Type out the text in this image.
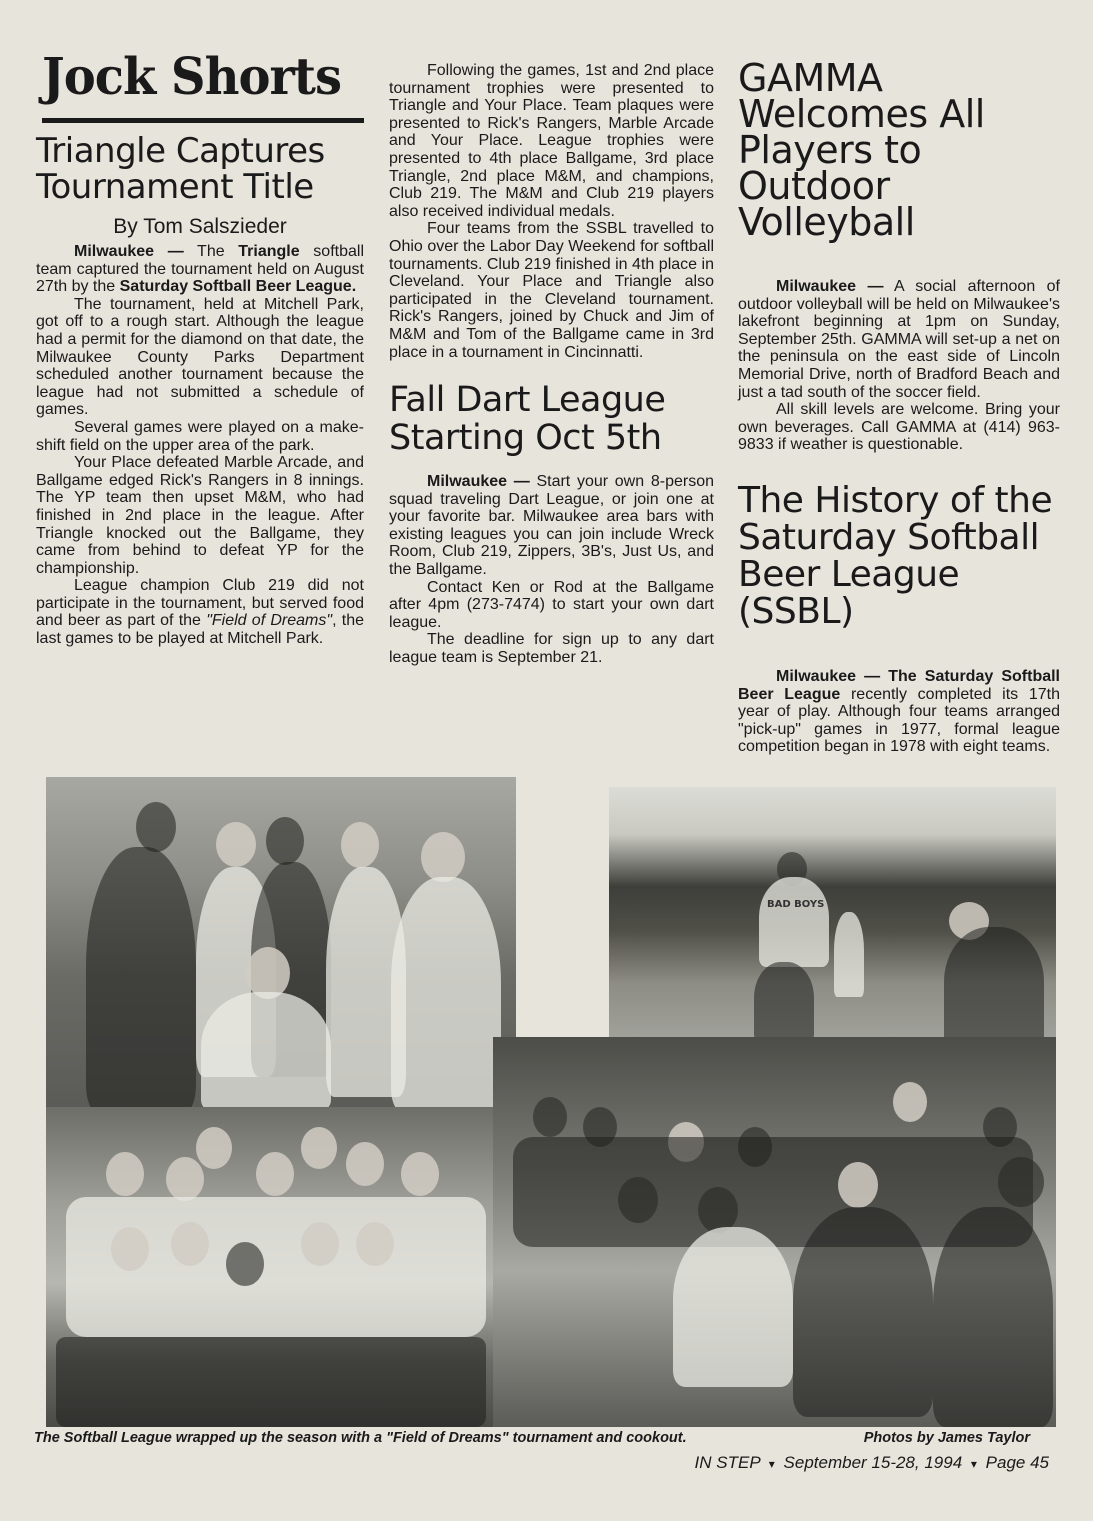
Jock Shorts
Triangle Captures Tournament Title
By Tom Salszieder

Milwaukee — The Triangle softball team captured the tournament held on August 27th by the Saturday Softball Beer League.

The tournament, held at Mitchell Park, got off to a rough start. Although the league had a permit for the diamond on that date, the Milwaukee County Parks Department scheduled another tournament because the league had not submitted a schedule of games.

Several games were played on a make-shift field on the upper area of the park.

Your Place defeated Marble Arcade, and Ballgame edged Rick's Rangers in 8 innings. The YP team then upset M&M, who had finished in 2nd place in the league. After Triangle knocked out the Ballgame, they came from behind to defeat YP for the championship.

League champion Club 219 did not participate in the tournament, but served food and beer as part of the "Field of Dreams", the last games to be played at Mitchell Park.

Following the games, 1st and 2nd place tournament trophies were presented to Triangle and Your Place. Team plaques were presented to Rick's Rangers, Marble Arcade and Your Place. League trophies were presented to 4th place Ballgame, 3rd place Triangle, 2nd place M&M, and champions, Club 219. The M&M and Club 219 players also received individual medals.

Four teams from the SSBL travelled to Ohio over the Labor Day Weekend for softball tournaments. Club 219 finished in 4th place in Cleveland. Your Place and Triangle also participated in the Cleveland tournament. Rick's Rangers, joined by Chuck and Jim of M&M and Tom of the Ballgame came in 3rd place in a tournament in Cincinnatti.

Fall Dart League Starting Oct 5th

Milwaukee — Start your own 8-person squad traveling Dart League, or join one at your favorite bar. Milwaukee area bars with existing leagues you can join include Wreck Room, Club 219, Zippers, 3B's, Just Us, and the Ballgame.

Contact Ken or Rod at the Ballgame after 4pm (273-7474) to start your own dart league.

The deadline for sign up to any dart league team is September 21.

GAMMA Welcomes All Players to Outdoor Volleyball

Milwaukee — A social afternoon of outdoor volleyball will be held on Milwaukee's lakefront beginning at 1pm on Sunday, September 25th. GAMMA will set-up a net on the peninsula on the east side of Lincoln Memorial Drive, north of Bradford Beach and just a tad south of the soccer field.

All skill levels are welcome. Bring your own beverages. Call GAMMA at (414) 963-9833 if weather is questionable.

The History of the Saturday Softball Beer League (SSBL)

Milwaukee — The Saturday Softball Beer League recently completed its 17th year of play. Although four teams arranged "pick-up" games in 1977, formal league competition began in 1978 with eight teams.

BAD BOYS
The Softball League wrapped up the season with a "Field of Dreams" tournament and cookout.	Photos by James Taylor
IN STEP ▾ September 15-28, 1994 ▾ Page 45
